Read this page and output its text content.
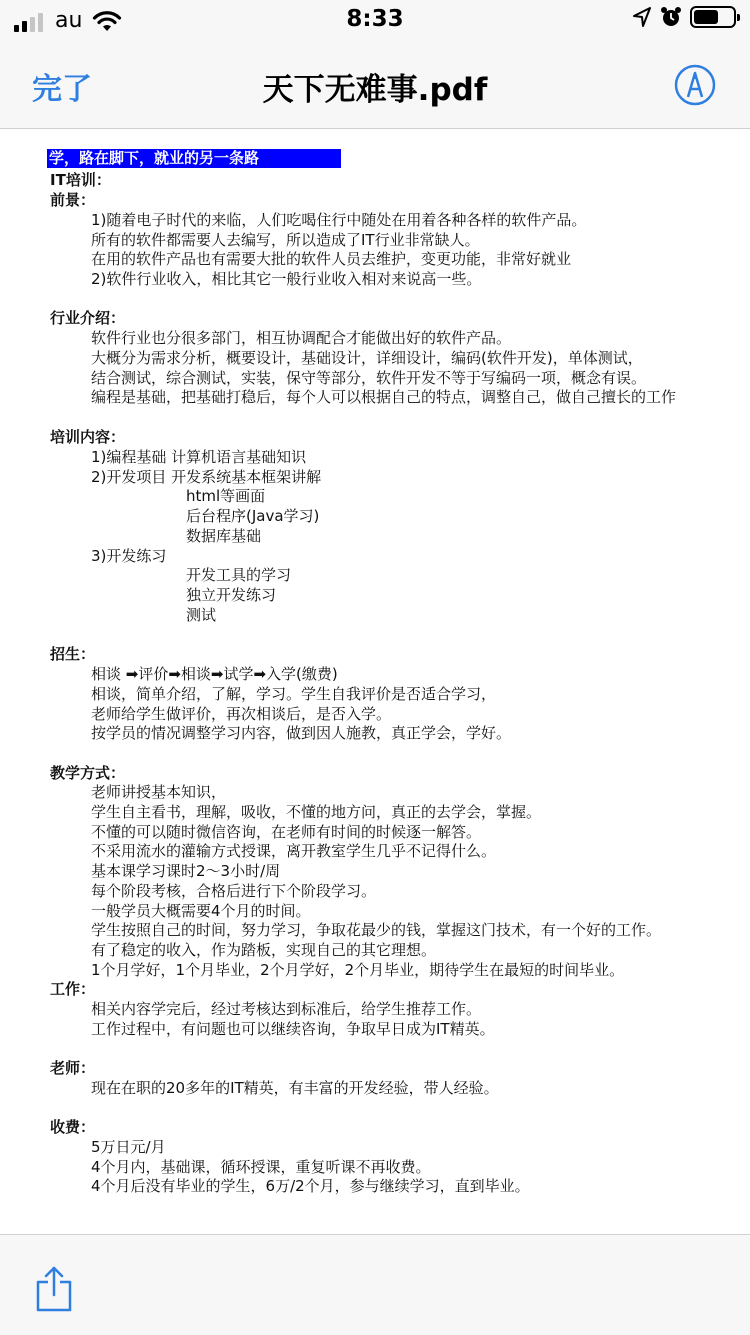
au	8:33
完了	天下无难事.pdf
学，路在脚下，就业的另一条路
IT培训：
前景：
1)随着电子时代的来临，人们吃喝住行中随处在用着各种各样的软件产品。
所有的软件都需要人去编写，所以造成了IT行业非常缺人。
在用的软件产品也有需要大批的软件人员去维护，变更功能，非常好就业
2)软件行业收入，相比其它一般行业收入相对来说高一些。
行业介绍：
软件行业也分很多部门，相互协调配合才能做出好的软件产品。
大概分为需求分析，概要设计，基础设计，详细设计，编码(软件开发)，单体测试，
结合测试，综合测试，实装，保守等部分，软件开发不等于写编码一项，概念有误。
编程是基础，把基础打稳后，每个人可以根据自己的特点，调整自己，做自己擅长的工作
培训内容：
1)编程基础 计算机语言基础知识
2)开发项目 开发系统基本框架讲解
html等画面
后台程序(Java学习)
数据库基础
3)开发练习
开发工具的学习
独立开发练习
测试
招生：
相谈 ➡评价➡相谈➡试学➡入学(缴费)
相谈，简单介绍，了解，学习。学生自我评价是否适合学习，
老师给学生做评价，再次相谈后，是否入学。
按学员的情况调整学习内容，做到因人施教，真正学会，学好。
教学方式：
老师讲授基本知识，
学生自主看书，理解，吸收，不懂的地方问，真正的去学会，掌握。
不懂的可以随时微信咨询，在老师有时间的时候逐一解答。
不采用流水的灌输方式授课，离开教室学生几乎不记得什么。
基本课学习课时2～3小时/周
每个阶段考核，合格后进行下个阶段学习。
一般学员大概需要4个月的时间。
学生按照自己的时间，努力学习，争取花最少的钱，掌握这门技术，有一个好的工作。
有了稳定的收入，作为踏板，实现自己的其它理想。
1个月学好，1个月毕业，2个月学好，2个月毕业，期待学生在最短的时间毕业。
工作：
相关内容学完后，经过考核达到标准后，给学生推荐工作。
工作过程中，有问题也可以继续咨询，争取早日成为IT精英。
老师：
现在在职的20多年的IT精英，有丰富的开发经验，带人经验。
收费：
5万日元/月
4个月内，基础课，循环授课，重复听课不再收费。
4个月后没有毕业的学生，6万/2个月，参与继续学习，直到毕业。
